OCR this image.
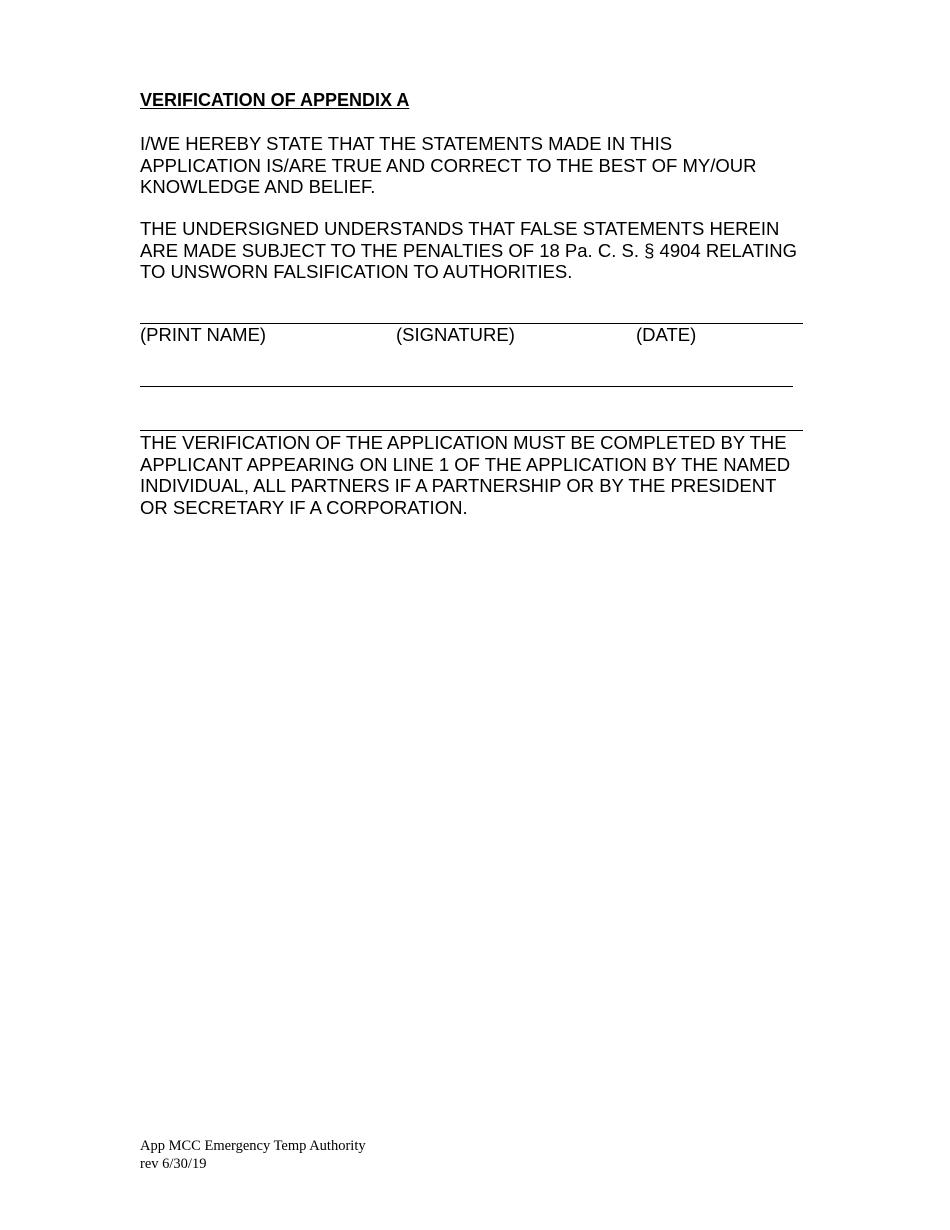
VERIFICATION OF APPENDIX A

I/WE HEREBY STATE THAT THE STATEMENTS MADE IN THIS
APPLICATION IS/ARE TRUE AND CORRECT TO THE BEST OF MY/OUR
KNOWLEDGE AND BELIEF.

THE UNDERSIGNED UNDERSTANDS THAT FALSE STATEMENTS HEREIN
ARE MADE SUBJECT TO THE PENALTIES OF 18 Pa. C. S. § 4904 RELATING
TO UNSWORN FALSIFICATION TO AUTHORITIES.

(PRINT NAME)	(SIGNATURE)	(DATE)

THE VERIFICATION OF THE APPLICATION MUST BE COMPLETED BY THE
APPLICANT APPEARING ON LINE 1 OF THE APPLICATION BY THE NAMED
INDIVIDUAL, ALL PARTNERS IF A PARTNERSHIP OR BY THE PRESIDENT
OR SECRETARY IF A CORPORATION.

App MCC Emergency Temp Authority
rev 6/30/19
